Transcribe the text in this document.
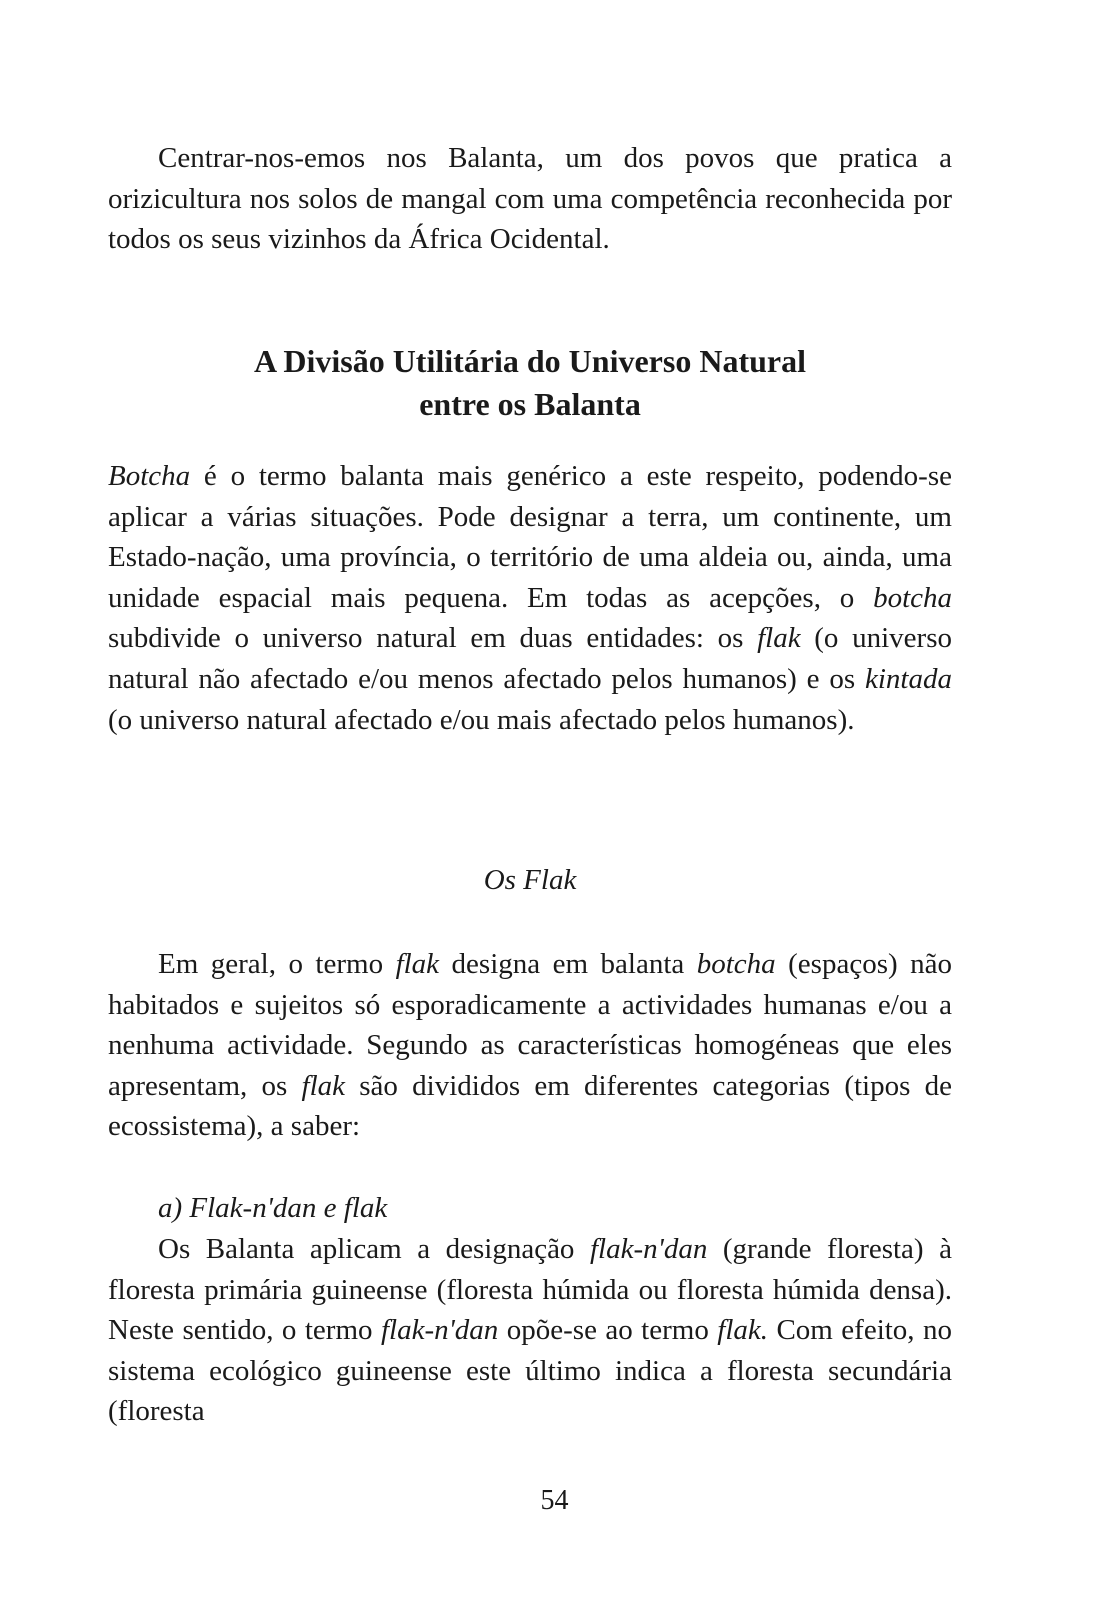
Centrar-nos-emos nos Balanta, um dos povos que pratica a orizicultura nos solos de mangal com uma competência reconhecida por todos os seus vizinhos da África Ocidental.

A Divisão Utilitária do Universo Natural
entre os Balanta

Botcha é o termo balanta mais genérico a este respeito, podendo-se aplicar a várias situações. Pode designar a terra, um continente, um Estado-nação, uma província, o território de uma aldeia ou, ainda, uma unidade espacial mais pequena. Em todas as acepções, o botcha subdivide o universo natural em duas entidades: os flak (o universo natural não afectado e/ou menos afectado pelos humanos) e os kintada (o universo natural afectado e/ou mais afectado pelos humanos).

Os Flak

Em geral, o termo flak designa em balanta botcha (espaços) não habitados e sujeitos só esporadicamente a actividades humanas e/ou a nenhuma actividade. Segundo as características homogéneas que eles apresentam, os flak são divididos em diferentes categorias (tipos de ecossistema), a saber:

a) Flak-n'dan e flak

Os Balanta aplicam a designação flak-n'dan (grande floresta) à floresta primária guineense (floresta húmida ou floresta húmida densa). Neste sentido, o termo flak-n'dan opõe-se ao termo flak. Com efeito, no sistema ecológico guineense este último indica a floresta secundária (floresta

54
